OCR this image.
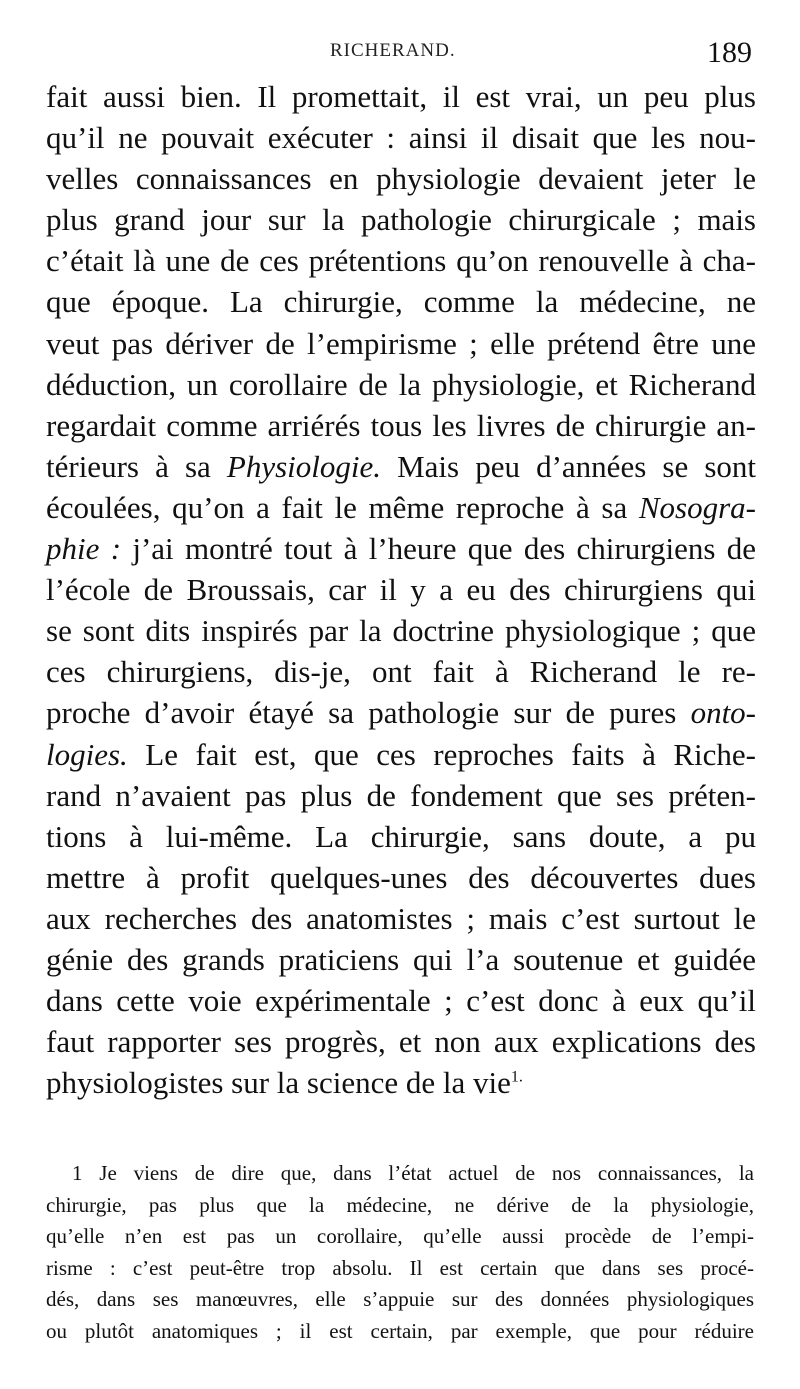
RICHERAND.	189
fait aussi bien. Il promettait, il est vrai, un peu plus
qu’il ne pouvait exécuter : ainsi il disait que les nou-
velles connaissances en physiologie devaient jeter le
plus grand jour sur la pathologie chirurgicale ; mais
c’était là une de ces prétentions qu’on renouvelle à cha-
que époque. La chirurgie, comme la médecine, ne
veut pas dériver de l’empirisme ; elle prétend être une
déduction, un corollaire de la physiologie, et Richerand
regardait comme arriérés tous les livres de chirurgie an-
térieurs à sa Physiologie. Mais peu d’années se sont
écoulées, qu’on a fait le même reproche à sa Nosogra-
phie : j’ai montré tout à l’heure que des chirurgiens de
l’école de Broussais, car il y a eu des chirurgiens qui
se sont dits inspirés par la doctrine physiologique ; que
ces chirurgiens, dis-je, ont fait à Richerand le re-
proche d’avoir étayé sa pathologie sur de pures onto-
logies. Le fait est, que ces reproches faits à Riche-
rand n’avaient pas plus de fondement que ses préten-
tions à lui-même. La chirurgie, sans doute, a pu
mettre à profit quelques-unes des découvertes dues
aux recherches des anatomistes ; mais c’est surtout le
génie des grands praticiens qui l’a soutenue et guidée
dans cette voie expérimentale ; c’est donc à eux qu’il
faut rapporter ses progrès, et non aux explications des
physiologistes sur la science de la vie$^{1.}$
1 Je viens de dire que, dans l’état actuel de nos connaissances, la
chirurgie, pas plus que la médecine, ne dérive de la physiologie,
qu’elle n’en est pas un corollaire, qu’elle aussi procède de l’empi-
risme : c’est peut-être trop absolu. Il est certain que dans ses procé-
dés, dans ses manœuvres, elle s’appuie sur des données physiologiques
ou plutôt anatomiques ; il est certain, par exemple, que pour réduire
